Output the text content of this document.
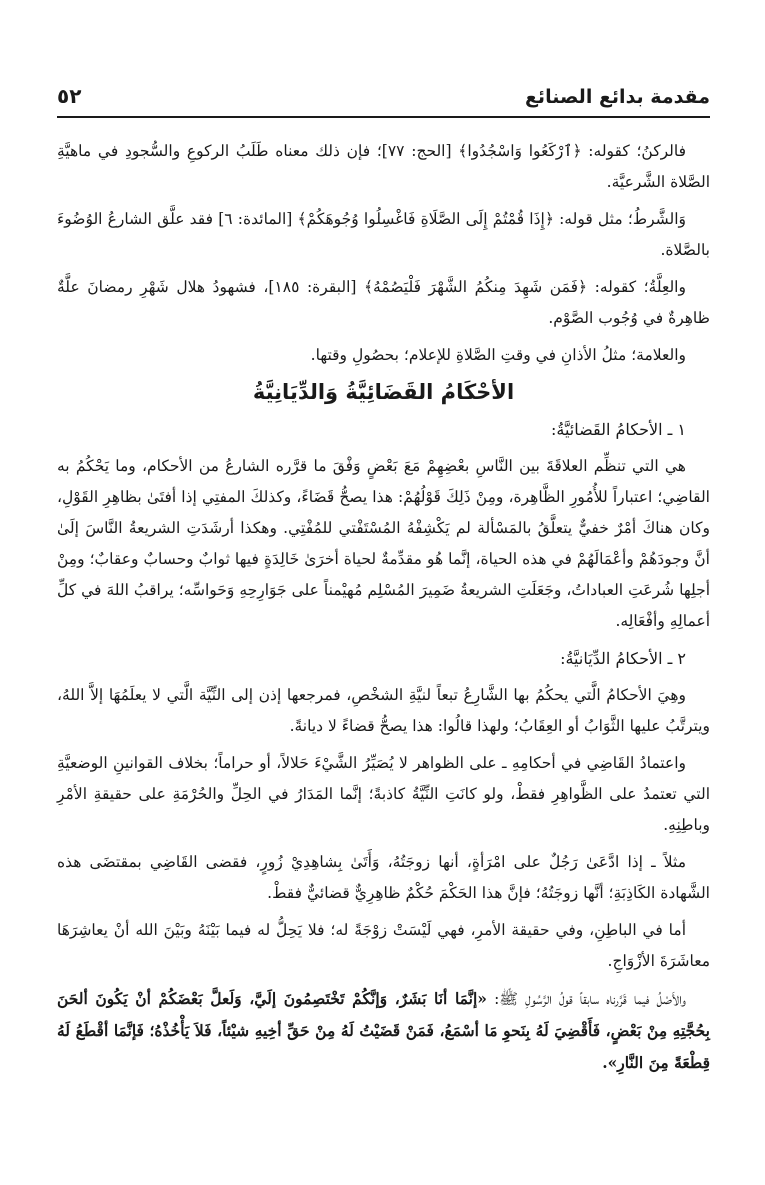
مقدمة بدائع الصنائع
٥٢

فالركنُ؛ كقوله: ﴿ٱرْكَعُوا وَاسْجُدُوا﴾ [الحج: ٧٧]؛ فإن ذلك معناه طَلَبُ الركوعِ والسُّجودِ في ماهيَّةِ الصَّلاة الشَّرعيَّة.

وَالشَّرطُ؛ مثل قوله: ﴿إِذَا قُمْتُمْ إِلَى الصَّلَاةِ فَاغْسِلُوا وُجُوهَكُمْ﴾ [المائدة: ٦] فقد علَّق الشارعُ الوُضُوءَ بالصَّلاة.

والعِلَّةُ؛ كقوله: ﴿فَمَن شَهِدَ مِنكُمُ الشَّهْرَ فَلْيَصُمْهُ﴾ [البقرة: ١٨٥]، فشهودُ هلال شَهْرِ رمضانَ علَّةٌ ظاهِرةٌ في وُجُوب الصَّوْم.

والعلامة؛ مثلُ الأذانِ في وقتِ الصَّلاةِ للإعلام؛ بحصُولِ وقتها.

الأحْكَامُ القَضَائِيَّةُ وَالدِّيَانِيَّةُ
١ ـ الأحكامُ القَضائيَّةُ:

هي التي تنظِّم العلاقَةَ بين النَّاسِ بعْضِهِمْ مَعَ بَعْضٍ وَفْقَ ما قرَّره الشارعُ من الأحكام، وما يَحْكُمُ به القاضِي؛ اعتباراً للأُمُورِ الظَّاهِرة، ومِنْ ذَلِكَ قَوْلُهُمْ: هذا يصحُّ قَضَاءً، وكذلكَ المفتِي إذا أفتَىٰ بظاهِرِ القَوْلِ، وكان هناكَ أمْرٌ خفيٌّ يتعلَّقُ بالمَسْألة لم يَكْشِفْهُ المُسْتَفْتي للمُفْتِي. وهكذا أرشَدَتِ الشريعةُ النَّاسَ إلَىٰ أنَّ وجودَهُمْ وأعْمَالَهُمْ في هذه الحياة، إنَّما هُو مقدِّمةٌ لحياة أخرَىٰ خَالِدَةٍ فيها ثوابٌ وحسابٌ وعقابٌ؛ ومِنْ أجلِها شُرعَتِ العباداتُ، وجَعَلَتِ الشريعةُ ضَمِيرَ المُسْلِم مُهيْمناً على جَوَارِحِهِ وَحَواسِّه؛ يراقبُ اللهَ في كلِّ أعمالِهِ وأفْعَالِه.

٢ ـ الأحكامُ الدِّيَانيَّةُ:

وهِيَ الأحكامُ الَّتي يحكُمُ بها الشَّارِعُ تبعاً لنيَّةِ الشخْصِ، فمرجعها إذن إلى النِّيَّة الَّتي لا يعلَمُهَا إلاَّ اللهُ، ويترتَّبُ عليها الثَّوَابُ أو العِقَابُ؛ ولهذا قالُوا: هذا يصحُّ قضاءً لا ديانةً.

واعتمادُ القَاضِي في أحكامِهِ ـ على الظواهر لا يُصَيِّرُ الشَّيْءَ حَلالاً، أو حراماً؛ بخلاف القوانينِ الوضعيَّةِ التي تعتمدُ على الظَّواهِرِ فقطْ، ولو كانَتِ النِّيَّةُ كاذبةً؛ إنَّما المَدَارُ في الحِلِّ والحُرْمَةِ على حقيقةِ الأمْرِ وباطِنِهِ.

مثلاً ـ إذا ادَّعَىٰ رَجُلٌ على امْرَأةٍ، أنها زوجَتُهُ، وَأَتَىٰ بِشاهِدِيْ زُورٍ، فقضى القَاضِي بمقتضَى هذه الشَّهادة الكَاذِبَةِ؛ أنَّها زوجَتُهُ؛ فإنَّ هذا الحَكْمَ حُكْمٌ ظاهِرِيٌّ قضائيٌّ فقطْ.

أما في الباطِنِ، وفي حقيقة الأمرِ، فهي لَيْسَتْ زوْجَةً له؛ فلا يَحِلُّ له فيما بَيْنَهُ وبَيْنَ الله أنْ يعاشِرَهَا معاشَرَةَ الأزْوَاجِ.

والأَصْلُ فيما قَرَّرناه سابقاً قولُ الرَّسُولِ ﷺ: «إنَّمَا أنَا بَشَرٌ، وَإنَّكُمْ تَخْتَصِمُونَ إلَيَّ، وَلَعلَّ بَعْضَكُمْ أنْ يَكُونَ ألحَنَ بِحُجَّتِهِ مِنْ بَعْضٍ، فَأَقْضِيَ لَهُ بِنَحوِ مَا أسْمَعُ، فَمَنْ قَضَيْتُ لَهُ مِنْ حَقِّ أخِيهِ شيْئاً، فَلاَ يَأْخُذْهُ؛ فَإنَّمَا أقْطَعُ لَهُ قِطْعَةً مِنَ النَّارِ».
